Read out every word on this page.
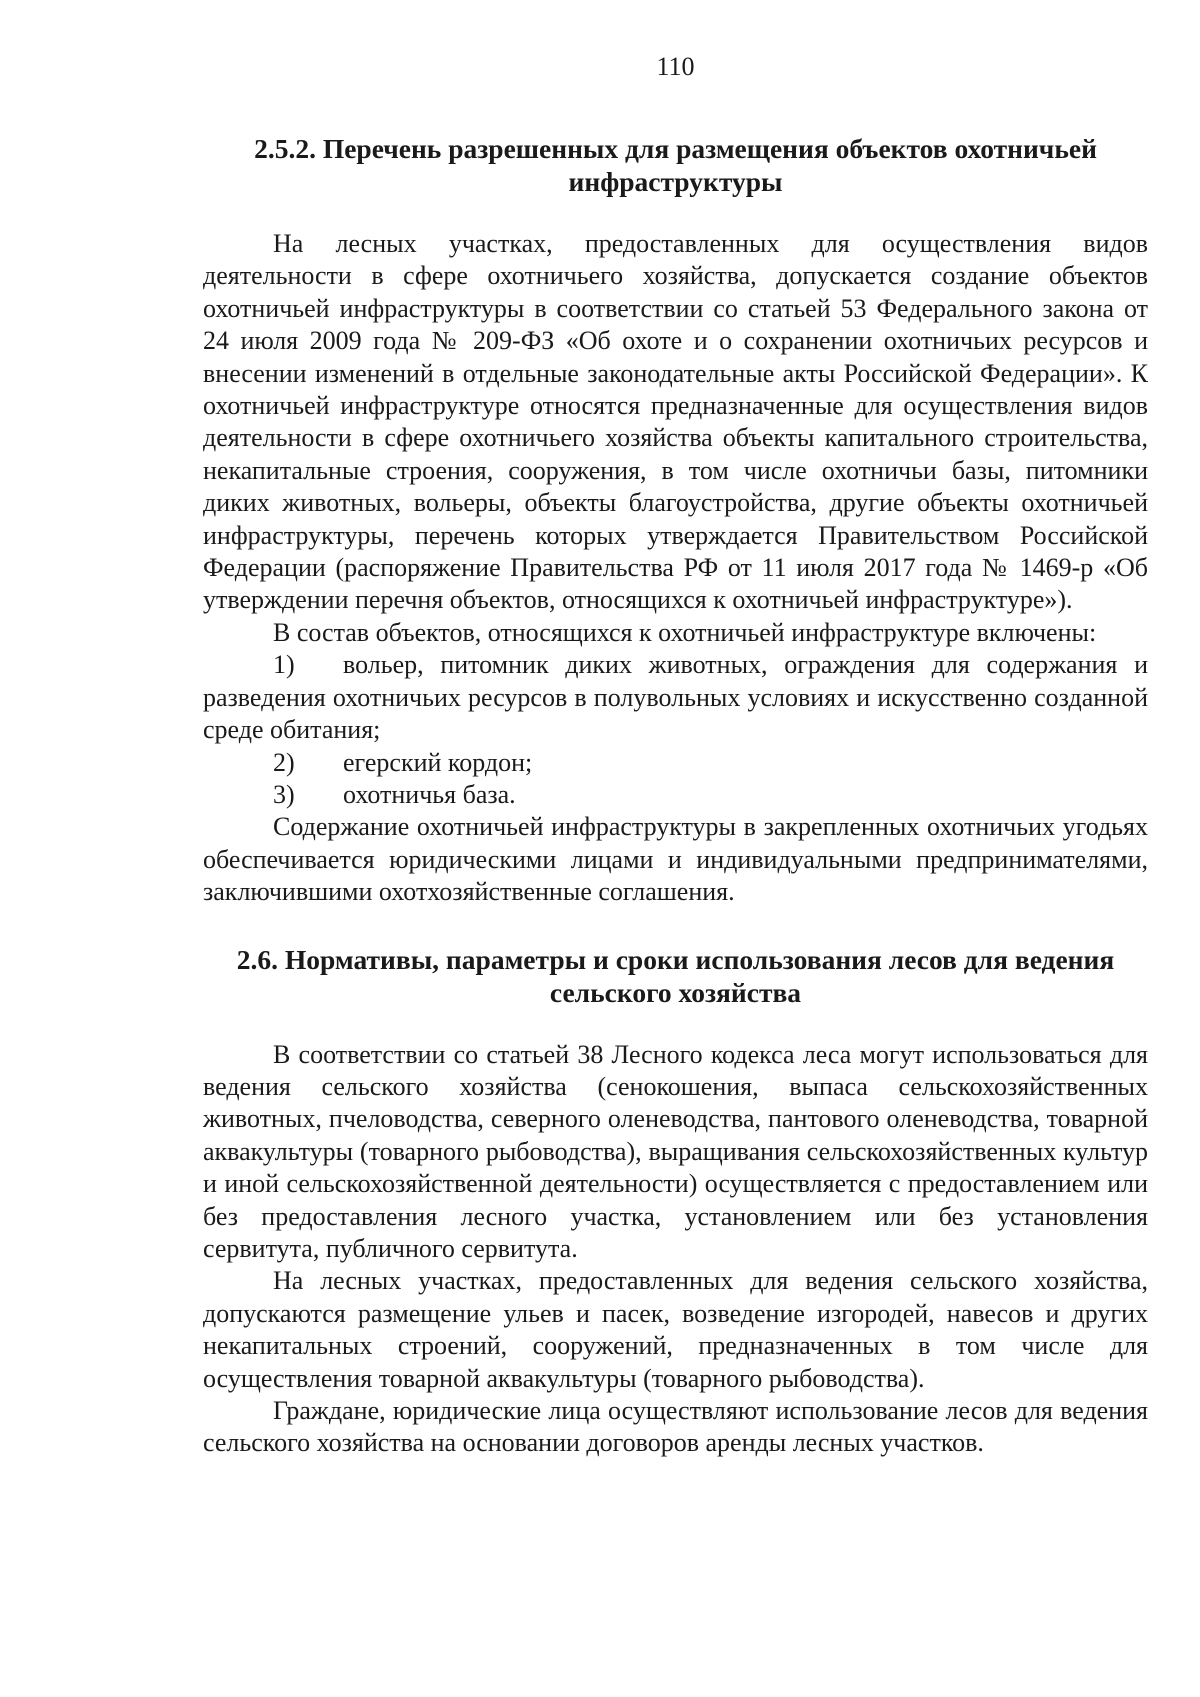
110
2.5.2. Перечень разрешенных для размещения объектов охотничьей инфраструктуры

На лесных участках, предоставленных для осуществления видов деятельности в сфере охотничьего хозяйства, допускается создание объектов охотничьей инфраструктуры в соответствии со статьей 53 Федерального закона от 24 июля 2009 года № 209-ФЗ «Об охоте и о сохранении охотничьих ресурсов и внесении изменений в отдельные законодательные акты Российской Федерации». К охотничьей инфраструктуре относятся предназначенные для осуществления видов деятельности в сфере охотничьего хозяйства объекты капитального строительства, некапитальные строения, сооружения, в том числе охотничьи базы, питомники диких животных, вольеры, объекты благоустройства, другие объекты охотничьей инфраструктуры, перечень которых утверждается Правительством Российской Федерации (распоряжение Правительства РФ от 11 июля 2017 года № 1469-р «Об утверждении перечня объектов, относящихся к охотничьей инфраструктуре»).

В состав объектов, относящихся к охотничьей инфраструктуре включены:

1) вольер, питомник диких животных, ограждения для содержания и разведения охотничьих ресурсов в полувольных условиях и искусственно созданной среде обитания;
2) егерский кордон;
3) охотничья база.

Содержание охотничьей инфраструктуры в закрепленных охотничьих угодьях обеспечивается юридическими лицами и индивидуальными предпринимателями, заключившими охотхозяйственные соглашения.

2.6. Нормативы, параметры и сроки использования лесов для ведения сельского хозяйства

В соответствии со статьей 38 Лесного кодекса леса могут использоваться для ведения сельского хозяйства (сенокошения, выпаса сельскохозяйственных животных, пчеловодства, северного оленеводства, пантового оленеводства, товарной аквакультуры (товарного рыбоводства), выращивания сельскохозяйственных культур и иной сельскохозяйственной деятельности) осуществляется с предоставлением или без предоставления лесного участка, установлением или без установления сервитута, публичного сервитута.

На лесных участках, предоставленных для ведения сельского хозяйства, допускаются размещение ульев и пасек, возведение изгородей, навесов и других некапитальных строений, сооружений, предназначенных в том числе для осуществления товарной аквакультуры (товарного рыбоводства).

Граждане, юридические лица осуществляют использование лесов для ведения сельского хозяйства на основании договоров аренды лесных участков.
